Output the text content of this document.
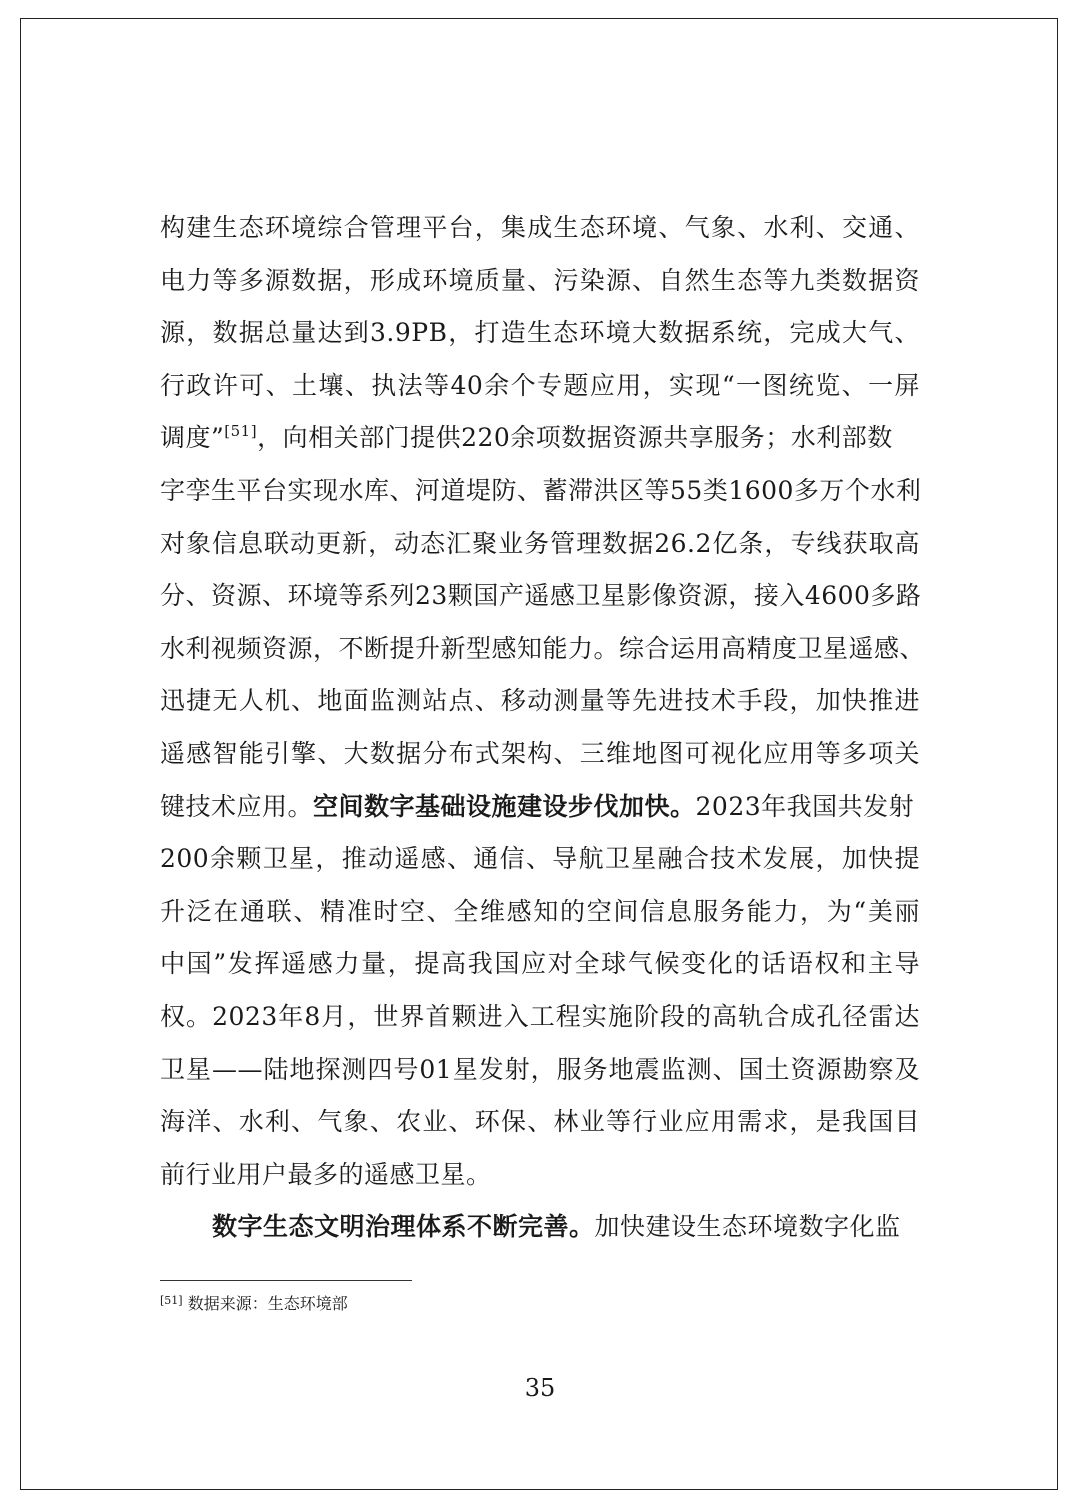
构建生态环境综合管理平台，集成生态环境、气象、水利、交通、
电力等多源数据，形成环境质量、污染源、自然生态等九类数据资
源，数据总量达到3.9PB，打造生态环境大数据系统，完成大气、
行政许可、土壤、执法等40余个专题应用，实现“一图统览、一屏
调度”[51]，向相关部门提供220余项数据资源共享服务；水利部数
字孪生平台实现水库、河道堤防、蓄滞洪区等55类1600多万个水利
对象信息联动更新，动态汇聚业务管理数据26.2亿条，专线获取高
分、资源、环境等系列23颗国产遥感卫星影像资源，接入4600多路
水利视频资源，不断提升新型感知能力。综合运用高精度卫星遥感、
迅捷无人机、地面监测站点、移动测量等先进技术手段，加快推进
遥感智能引擎、大数据分布式架构、三维地图可视化应用等多项关
键技术应用。空间数字基础设施建设步伐加快。2023年我国共发射
200余颗卫星，推动遥感、通信、导航卫星融合技术发展，加快提
升泛在通联、精准时空、全维感知的空间信息服务能力，为“美丽
中国”发挥遥感力量，提高我国应对全球气候变化的话语权和主导
权。2023年8月，世界首颗进入工程实施阶段的高轨合成孔径雷达
卫星——陆地探测四号01星发射，服务地震监测、国土资源勘察及
海洋、水利、气象、农业、环保、林业等行业应用需求，是我国目
前行业用户最多的遥感卫星。
数字生态文明治理体系不断完善。加快建设生态环境数字化监
[51] 数据来源：生态环境部
35
